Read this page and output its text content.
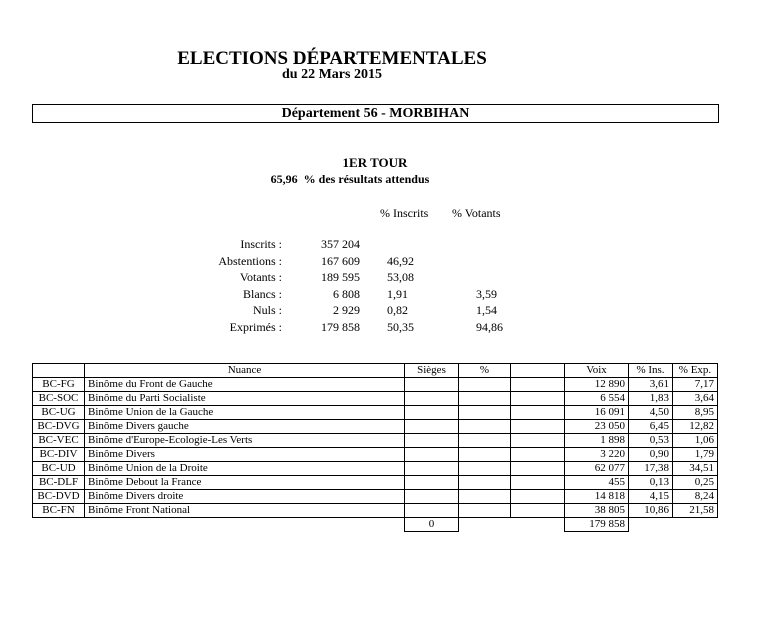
ELECTIONS DÉPARTEMENTALES
du 22 Mars 2015
Département 56 - MORBIHAN
1ER TOUR
65,96 % des résultats attendus
% Inscrits % Votants
Inscrits :	357 204
Abstentions :	167 609 46,92
Votants :	189 595 53,08
Blancs :	6 808 1,91	3,59
Nuls :	2 929 0,82	1,54
Exprimés :	179 858 50,35	94,86
	Nuance	Sièges	%		Voix	% Ins.	% Exp.
BC-FG	Binôme du Front de Gauche				12 890	3,61	7,17
BC-SOC	Binôme du Parti Socialiste				6 554	1,83	3,64
BC-UG	Binôme Union de la Gauche				16 091	4,50	8,95
BC-DVG	Binôme Divers gauche				23 050	6,45	12,82
BC-VEC	Binôme d'Europe-Ecologie-Les Verts				1 898	0,53	1,06
BC-DIV	Binôme Divers				3 220	0,90	1,79
BC-UD	Binôme Union de la Droite				62 077	17,38	34,51
BC-DLF	Binôme Debout la France				455	0,13	0,25
BC-DVD	Binôme Divers droite				14 818	4,15	8,24
BC-FN	Binôme Front National				38 805	10,86	21,58
		0			179 858		
